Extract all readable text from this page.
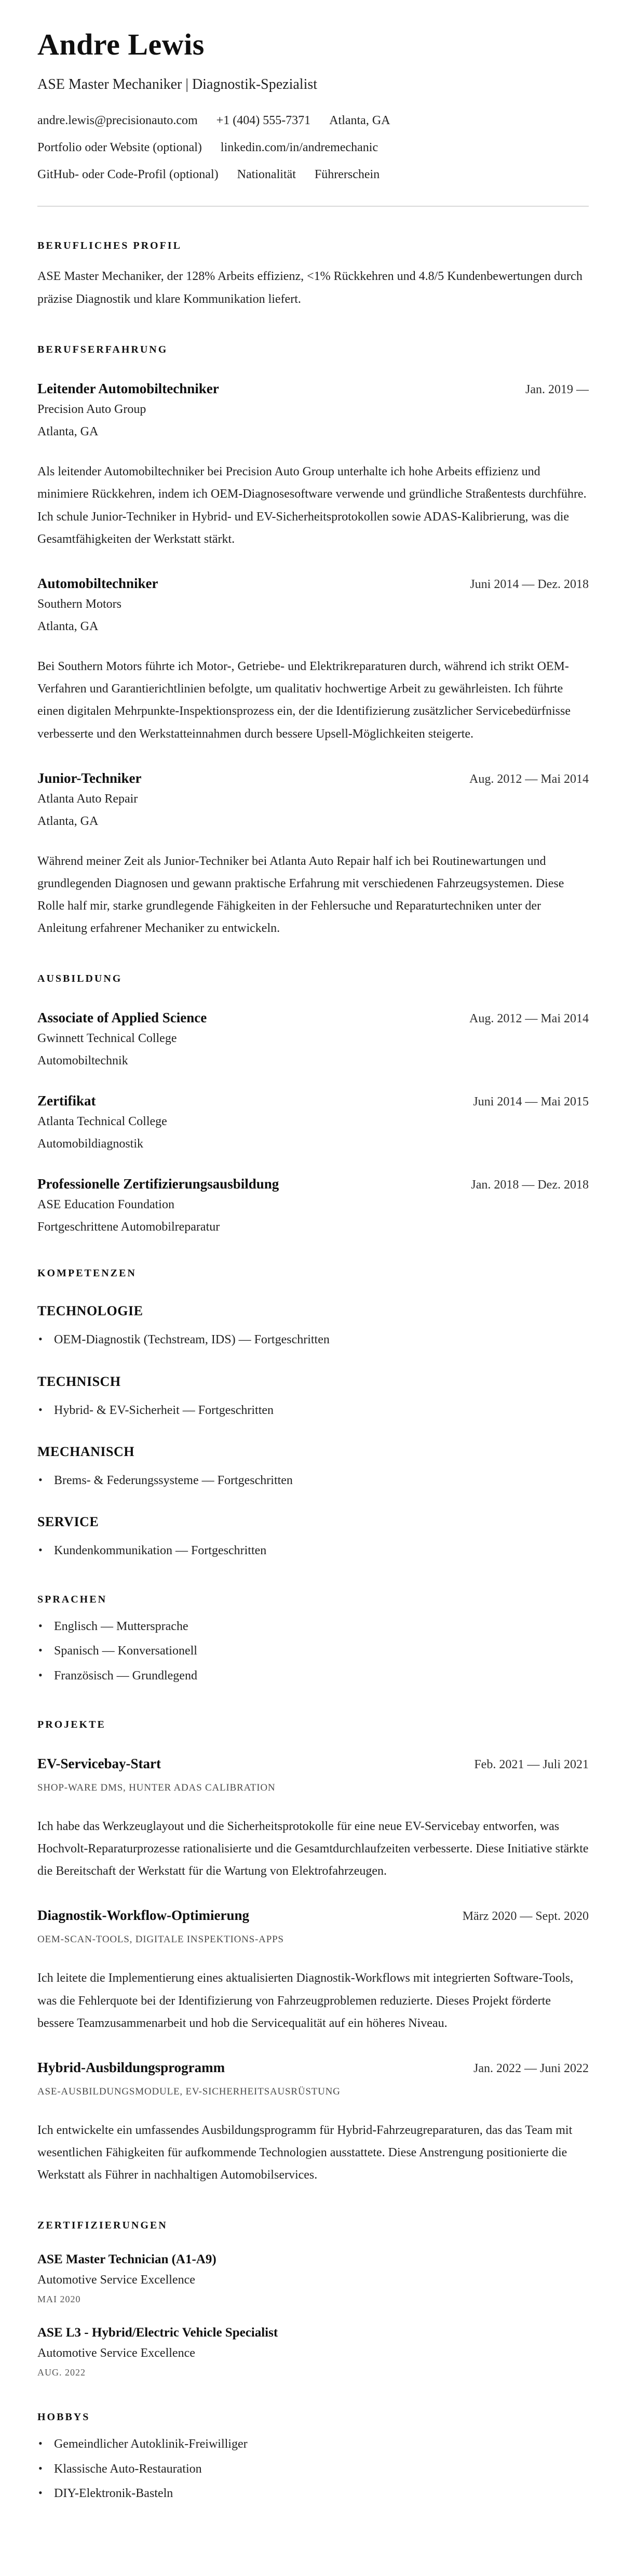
Andre Lewis
ASE Master Mechaniker | Diagnostik-Spezialist
andre.lewis@precisionauto.com +1 (404) 555-7371 Atlanta, GA
Portfolio oder Website (optional) linkedin.com/in/andremechanic
GitHub- oder Code-Profil (optional) Nationalität Führerschein
BERUFLICHES PROFIL

ASE Master Mechaniker, der 128% Arbeits effizienz, <1% Rückkehren und 4.8/5 Kundenbewertungen durch präzise Diagnostik und klare Kommunikation liefert.

BERUFSERFAHRUNG
Leitender Automobiltechniker	Jan. 2019 —
Precision Auto Group
Atlanta, GA

Als leitender Automobiltechniker bei Precision Auto Group unterhalte ich hohe Arbeits effizienz und minimiere Rückkehren, indem ich OEM-Diagnosesoftware verwende und gründliche Straßentests durchführe. Ich schule Junior-Techniker in Hybrid- und EV-Sicherheitsprotokollen sowie ADAS-Kalibrierung, was die Gesamtfähigkeiten der Werkstatt stärkt.

Automobiltechniker	Juni 2014 — Dez. 2018
Southern Motors
Atlanta, GA

Bei Southern Motors führte ich Motor-, Getriebe- und Elektrikreparaturen durch, während ich strikt OEM-Verfahren und Garantierichtlinien befolgte, um qualitativ hochwertige Arbeit zu gewährleisten. Ich führte einen digitalen Mehrpunkte-Inspektionsprozess ein, der die Identifizierung zusätzlicher Servicebedürfnisse verbesserte und den Werkstatteinnahmen durch bessere Upsell-Möglichkeiten steigerte.

Junior-Techniker	Aug. 2012 — Mai 2014
Atlanta Auto Repair
Atlanta, GA

Während meiner Zeit als Junior-Techniker bei Atlanta Auto Repair half ich bei Routinewartungen und grundlegenden Diagnosen und gewann praktische Erfahrung mit verschiedenen Fahrzeugsystemen. Diese Rolle half mir, starke grundlegende Fähigkeiten in der Fehlersuche und Reparaturtechniken unter der Anleitung erfahrener Mechaniker zu entwickeln.

AUSBILDUNG
Associate of Applied Science	Aug. 2012 — Mai 2014
Gwinnett Technical College
Automobiltechnik
Zertifikat	Juni 2014 — Mai 2015
Atlanta Technical College
Automobildiagnostik
Professionelle Zertifizierungsausbildung	Jan. 2018 — Dez. 2018
ASE Education Foundation
Fortgeschrittene Automobilreparatur
KOMPETENZEN
TECHNOLOGIE
• OEM-Diagnostik (Techstream, IDS) — Fortgeschritten
TECHNISCH
• Hybrid- & EV-Sicherheit — Fortgeschritten
MECHANISCH
• Brems- & Federungssysteme — Fortgeschritten
SERVICE
• Kundenkommunikation — Fortgeschritten
SPRACHEN
• Englisch — Muttersprache
• Spanisch — Konversationell
• Französisch — Grundlegend
PROJEKTE
EV-Servicebay-Start	Feb. 2021 — Juli 2021
SHOP-WARE DMS, HUNTER ADAS CALIBRATION

Ich habe das Werkzeuglayout und die Sicherheitsprotokolle für eine neue EV-Servicebay entworfen, was Hochvolt-Reparaturprozesse rationalisierte und die Gesamtdurchlaufzeiten verbesserte. Diese Initiative stärkte die Bereitschaft der Werkstatt für die Wartung von Elektrofahrzeugen.

Diagnostik-Workflow-Optimierung	März 2020 — Sept. 2020
OEM-SCAN-TOOLS, DIGITALE INSPEKTIONS-APPS

Ich leitete die Implementierung eines aktualisierten Diagnostik-Workflows mit integrierten Software-Tools, was die Fehlerquote bei der Identifizierung von Fahrzeugproblemen reduzierte. Dieses Projekt förderte bessere Teamzusammenarbeit und hob die Servicequalität auf ein höheres Niveau.

Hybrid-Ausbildungsprogramm	Jan. 2022 — Juni 2022
ASE-AUSBILDUNGSMODULE, EV-SICHERHEITSAUSRÜSTUNG

Ich entwickelte ein umfassendes Ausbildungsprogramm für Hybrid-Fahrzeugreparaturen, das das Team mit wesentlichen Fähigkeiten für aufkommende Technologien ausstattete. Diese Anstrengung positionierte die Werkstatt als Führer in nachhaltigen Automobilservices.

ZERTIFIZIERUNGEN
ASE Master Technician (A1-A9)
Automotive Service Excellence
MAI 2020
ASE L3 - Hybrid/Electric Vehicle Specialist
Automotive Service Excellence
AUG. 2022
HOBBYS
• Gemeindlicher Autoklinik-Freiwilliger
• Klassische Auto-Restauration
• DIY-Elektronik-Basteln
